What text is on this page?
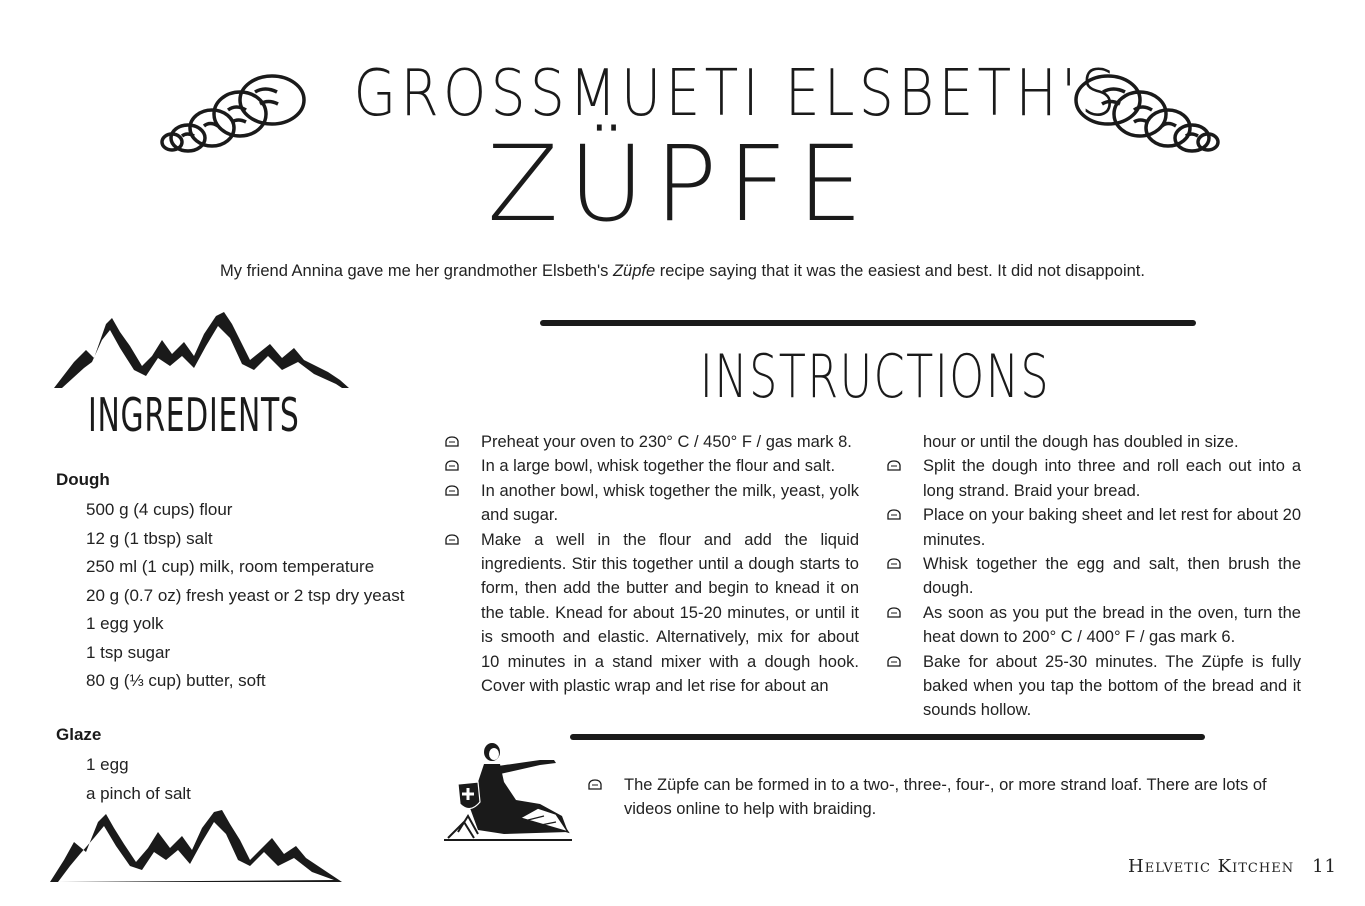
GROSSMUETI ELSBETH'S
ZÜPFE
My friend Annina gave me her grandmother Elsbeth's Züpfe recipe saying that it was the easiest and best. It did not disappoint.
INGREDIENTS
Dough
500 g (4 cups) flour
12 g (1 tbsp) salt
250 ml (1 cup) milk, room temperature
20 g (0.7 oz) fresh yeast or 2 tsp dry yeast
1 egg yolk
1 tsp sugar
80 g (⅓ cup) butter, soft
Glaze
1 egg
a pinch of salt
INSTRUCTIONS
Preheat your oven to 230° C / 450° F / gas mark 8.
In a large bowl, whisk together the flour and salt.
In another bowl, whisk together the milk, yeast, yolk and sugar.
Make a well in the flour and add the liquid ingredients. Stir this together until a dough starts to form, then add the butter and begin to knead it on the table. Knead for about 15-20 minutes, or until it is smooth and elastic. Alternatively, mix for about 10 minutes in a stand mixer with a dough hook. Cover with plastic wrap and let rise for about an
hour or until the dough has doubled in size.
Split the dough into three and roll each out into a long strand. Braid your bread.
Place on your baking sheet and let rest for about 20 minutes.
Whisk together the egg and salt, then brush the dough.
As soon as you put the bread in the oven, turn the heat down to 200° C / 400° F / gas mark 6.
Bake for about 25-30 minutes. The Züpfe is fully baked when you tap the bottom of the bread and it sounds hollow.
The Züpfe can be formed in to a two-, three-, four-, or more strand loaf. There are lots of videos online to help with braiding.
Helvetic Kitchen 11
